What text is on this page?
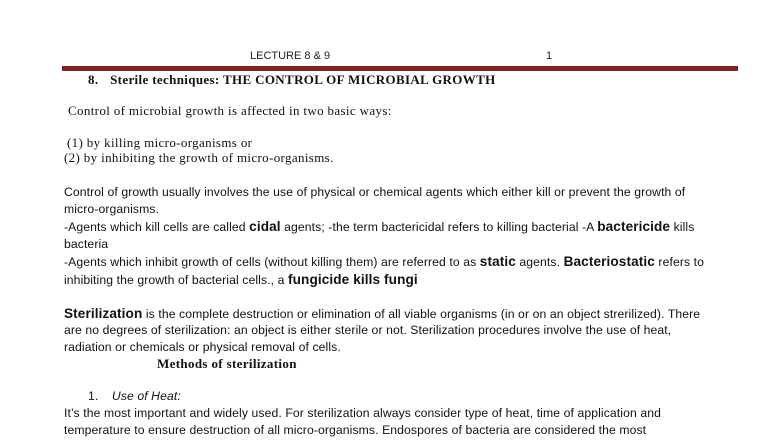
LECTURE 8 & 9	1
8. Sterile techniques: THE CONTROL OF MICROBIAL GROWTH
Control of microbial growth is affected in two basic ways:
(1) by killing micro-organisms or
(2) by inhibiting the growth of micro-organisms.
Control of growth usually involves the use of physical or chemical agents which either kill or prevent the growth of
micro-organisms.
-Agents which kill cells are called cidal agents; -the term bactericidal refers to killing bacterial -A bactericide kills
bacteria
-Agents which inhibit growth of cells (without killing them) are referred to as static agents. Bacteriostatic refers to
inhibiting the growth of bacterial cells., a fungicide kills fungi
Sterilization is the complete destruction or elimination of all viable organisms (in or on an object strerilized). There
are no degrees of sterilization: an object is either sterile or not. Sterilization procedures involve the use of heat,
radiation or chemicals or physical removal of cells.
Methods of sterilization
1. Use of Heat:
It’s the most important and widely used. For sterilization always consider type of heat, time of application and
temperature to ensure destruction of all micro-organisms. Endospores of bacteria are considered the most
